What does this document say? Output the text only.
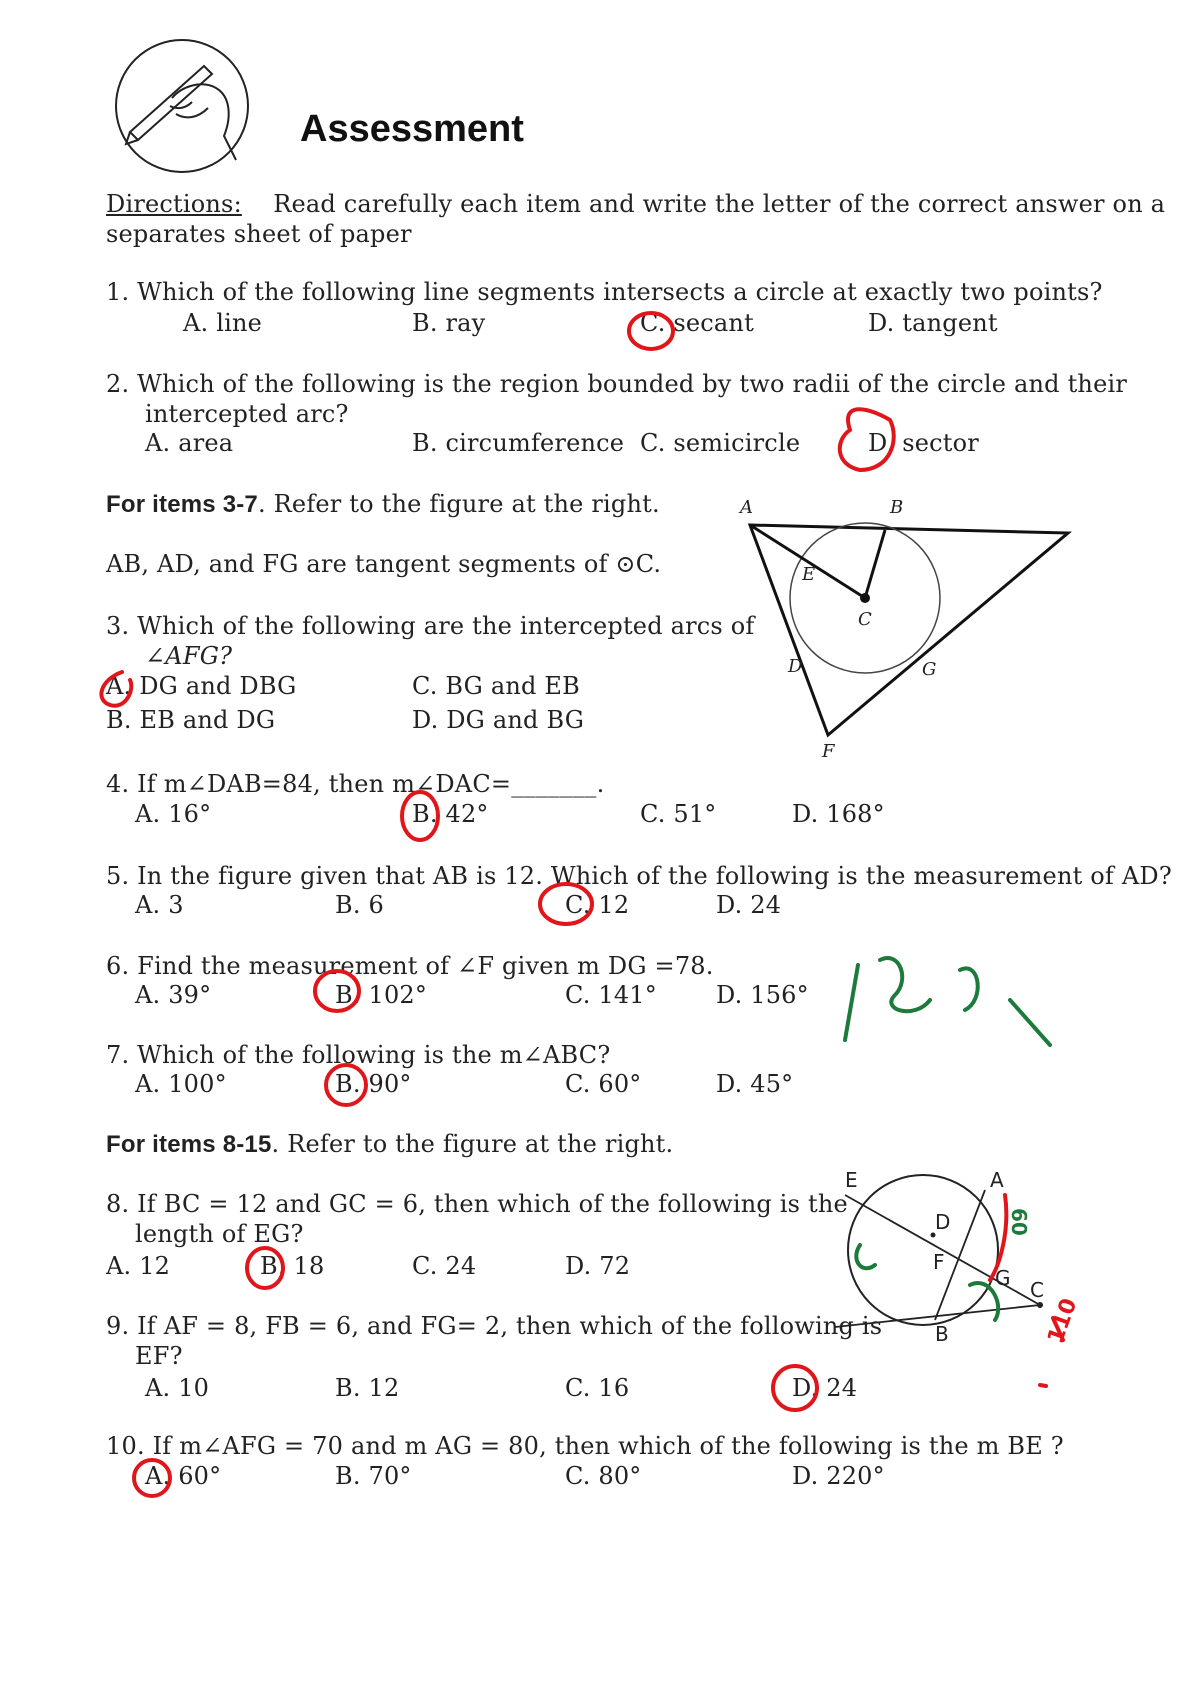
Assessment
Directions: Read carefully each item and write the letter of the correct answer on a
separates sheet of paper
1. Which of the following line segments intersects a circle at exactly two points?
A. line	B. ray	C. secant	D. tangent
2. Which of the following is the region bounded by two radii of the circle and their
intercepted arc?
A. area	B. circumference C. semicircle	D. sector
For items 3-7. Refer to the figure at the right.
AB, AD, and FG are tangent segments of ⊙C.
3. Which of the following are the intercepted arcs of
∠AFG?
A. DG and DBG	C. BG and EB
B. EB and DG	D. DG and BG
4. If m∠DAB=84, then m∠DAC=_______.
A. 16°	B. 42°	C. 51°	D. 168°
5. In the figure given that AB is 12. Which of the following is the measurement of AD?
A. 3	B. 6	C. 12	D. 24
6. Find the measurement of ∠F given m DG =78.
A. 39°	B. 102°	C. 141° D. 156°
7. Which of the following is the m∠ABC?
A. 100°	B. 90°	C. 60°	D. 45°
For items 8-15. Refer to the figure at the right.
8. If BC = 12 and GC = 6, then which of the following is the
length of EG?
A. 12	B. 18	C. 24	D. 72
9. If AF = 8, FB = 6, and FG= 2, then which of the following is
EF?
A. 10	B. 12	C. 16	D. 24
10. If m∠AFG = 70 and m AG = 80, then which of the following is the m BE ?
A. 60°	B. 70°	C. 80°	D. 220°
A	B
E
C
D	G
F
E	A
D
F
G C
B
60
110
